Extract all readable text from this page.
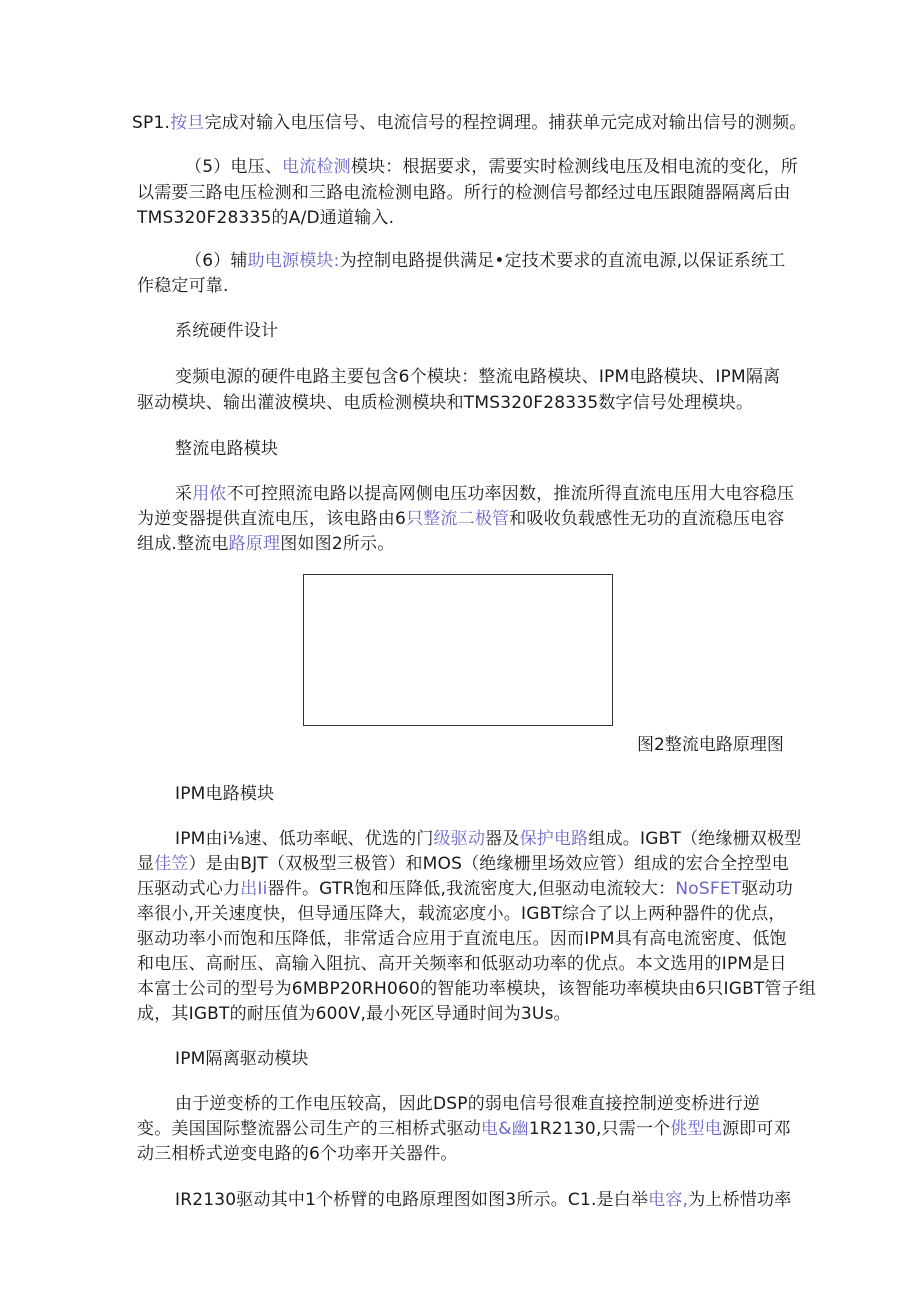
SP1.按旦完成对输入电压信号、电流信号的程控调理。捕获单元完成对输出信号的测频。
（5）电压、电流检测模块：根据要求，需要实时检测线电压及相电流的变化，所
以需要三路电压检测和三路电流检测电路。所行的检测信号都经过电压跟随器隔离后由
TMS320F28335的A/D通道输入.
（6）辅助电源模块:为控制电路提供满足•定技术要求的直流电源,以保证系统工
作稳定可靠.
系统硬件设计
变频电源的硬件电路主要包含6个模块：整流电路模块、IPM电路模块、IPM隔离
驱动模块、输出灌波模块、电质检测模块和TMS320F28335数字信号处理模块。
整流电路模块
采用侬不可控照流电路以提高网侧电压功率因数，推流所得直流电压用大电容稳压
为逆变器提供直流电压，该电路由6只整流二极管和吸收负载感性无功的直流稳压电容
组成.整流电路原理图如图2所示。
IPM电路模块
IPM由i⅛速、低功率岷、优选的门级驱动器及保护电路组成。IGBT（绝缘栅双极型
显佳笠）是由BJT（双极型三极管）和MOS（绝缘栅里场效应管）组成的宏合全控型电
压驱动式心力出Ii器件。GTR饱和压降低,我流密度大,但驱动电流较大：NoSFET驱动功
率很小,开关速度快，但导通压降大，载流宓度小。IGBT综合了以上两种器件的优点，
驱动功率小而饱和压降低，非常适合应用于直流电压。因而IPM具有高电流密度、低饱
和电压、高耐压、高输入阻抗、高开关频率和低驱动功率的优点。本文选用的IPM是日
本富士公司的型号为6MBP20RH060的智能功率模块，该智能功率模块由6只IGBT管子组
成，其IGBT的耐压值为600V,最小死区导通时间为3Us。
IPM隔离驱动模块
由于逆变桥的工作电压较高，因此DSP的弱电信号很难直接控制逆变桥进行逆
变。美国国际整流器公司生产的三相桥式驱动电&幽1R2130,只需一个佻型电源即可邓
动三相桥式逆变电路的6个功率开关器件。
IR2130驱动其中1个桥臂的电路原理图如图3所示。C1.是白举电容,为上桥惜功率
图2整流电路原理图
